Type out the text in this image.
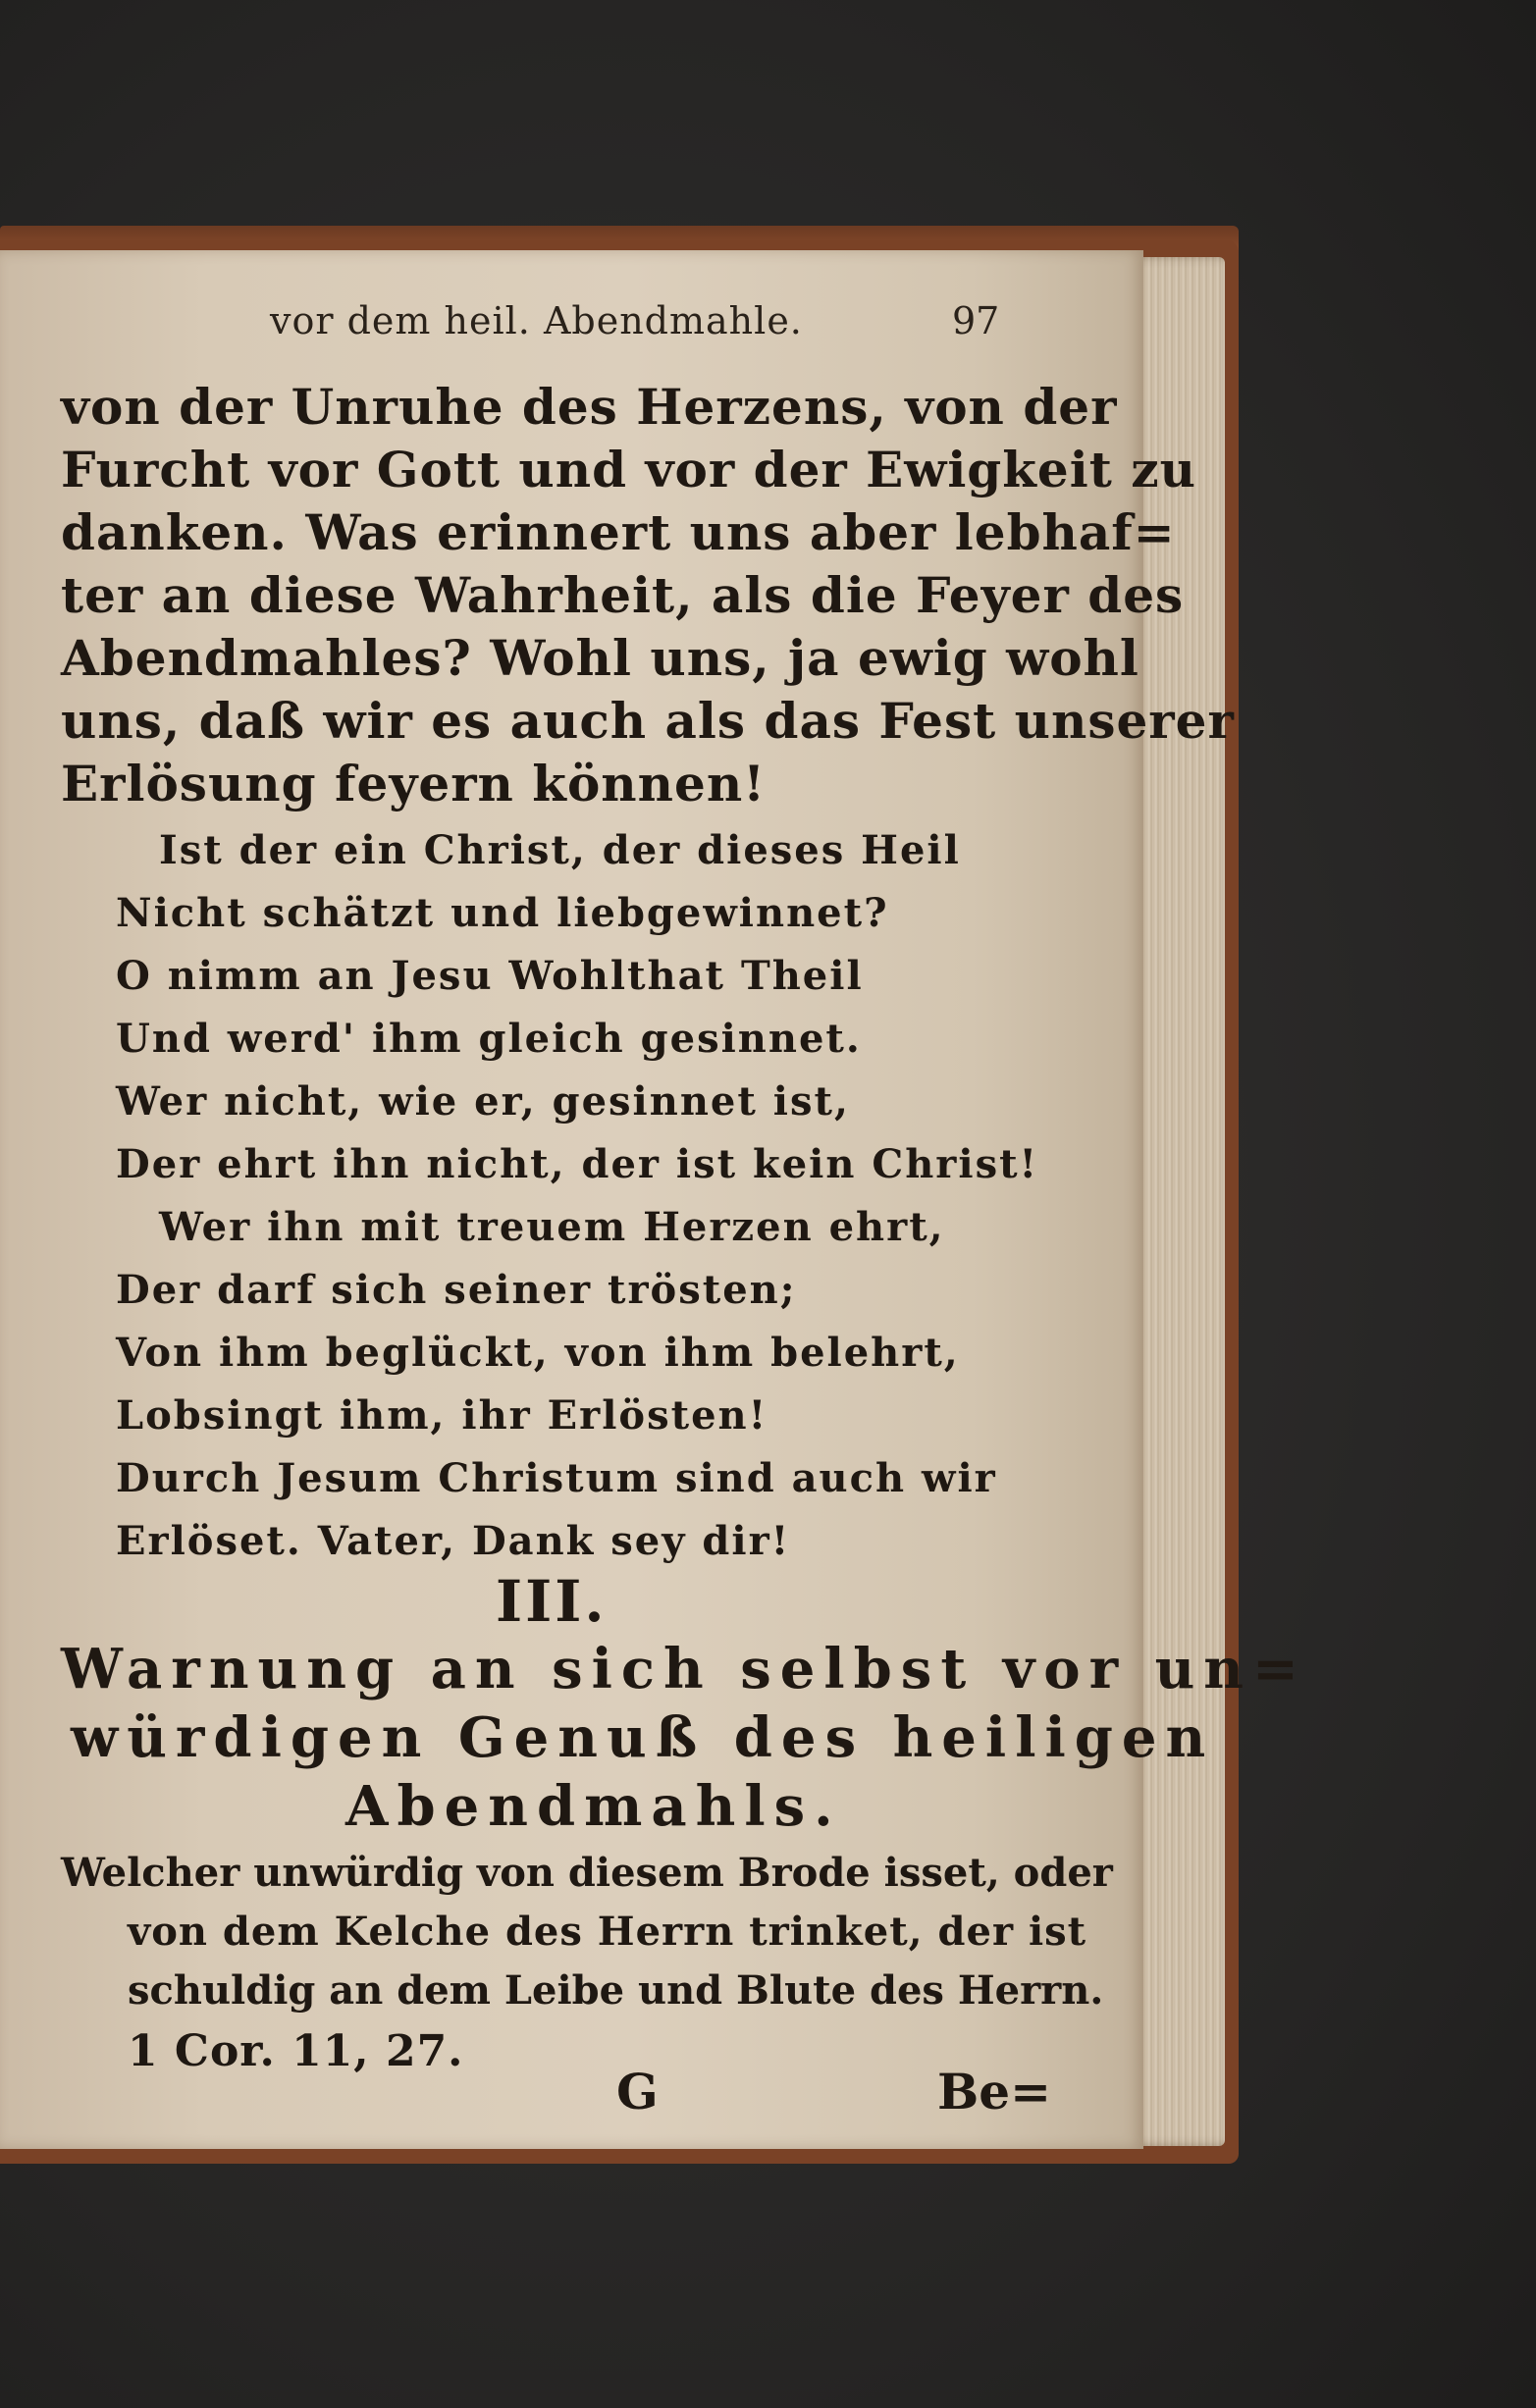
vor dem heil. Abendmahle.	97
von der Unruhe des Herzens, von der
Furcht vor Gott und vor der Ewigkeit zu
danken. Was erinnert uns aber lebhaf=
ter an diese Wahrheit, als die Feyer des
Abendmahles? Wohl uns, ja ewig wohl
uns, daß wir es auch als das Fest unserer
Erlösung feyern können!
Ist der ein Christ, der dieses Heil
Nicht schätzt und liebgewinnet?
O nimm an Jesu Wohlthat Theil
Und werd' ihm gleich gesinnet.
Wer nicht, wie er, gesinnet ist,
Der ehrt ihn nicht, der ist kein Christ!
Wer ihn mit treuem Herzen ehrt,
Der darf sich seiner trösten;
Von ihm beglückt, von ihm belehrt,
Lobsingt ihm, ihr Erlösten!
Durch Jesum Christum sind auch wir
Erlöset. Vater, Dank sey dir!
III.
Warnung an sich selbst vor un=
würdigen Genuß des heiligen
Abendmahls.
Welcher unwürdig von diesem Brode isset, oder
von dem Kelche des Herrn trinket, der ist
schuldig an dem Leibe und Blute des Herrn.
1 Cor. 11, 27.
G	Be=
